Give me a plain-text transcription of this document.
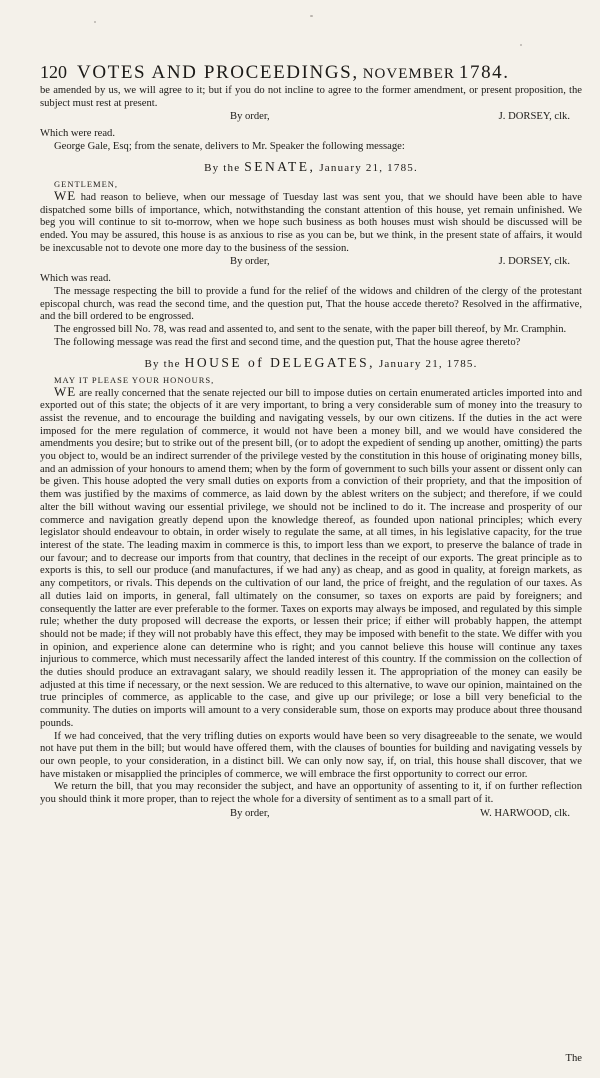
120 VOTES AND PROCEEDINGS, NOVEMBER 1784.

be amended by us, we will agree to it; but if you do not incline to agree to the former amendment, or present proposition, the subject must rest at present.

By order,	J. DORSEY, clk.

Which were read.

George Gale, Esq; from the senate, delivers to Mr. Speaker the following message:

By the SENATE, January 21, 1785.
GENTLEMEN,

WE had reason to believe, when our message of Tuesday last was sent you, that we should have been able to have dispatched some bills of importance, which, notwithstanding the constant attention of this house, yet remain unfinished. We beg you will continue to sit to-morrow, when we hope such business as both houses must wish should be discussed will be ended. You may be assured, this house is as anxious to rise as you can be, but we think, in the present state of affairs, it would be inexcusable not to devote one more day to the business of the session.

By order,	J. DORSEY, clk.

Which was read.

The message respecting the bill to provide a fund for the relief of the widows and children of the clergy of the protestant episcopal church, was read the second time, and the question put, That the house accede thereto? Resolved in the affirmative, and the bill ordered to be engrossed.

The engrossed bill No. 78, was read and assented to, and sent to the senate, with the paper bill thereof, by Mr. Cramphin.

The following message was read the first and second time, and the question put, That the house agree thereto?

By the HOUSE of DELEGATES, January 21, 1785.
MAY IT PLEASE YOUR HONOURS,

WE are really concerned that the senate rejected our bill to impose duties on certain enumerated articles imported into and exported out of this state; the objects of it are very important, to bring a very considerable sum of money into the treasury to assist the revenue, and to encourage the building and navigating vessels, by our own citizens. If the duties in the act were imposed for the mere regulation of commerce, it would not have been a money bill, and we would have considered the amendments you desire; but to strike out of the present bill, (or to adopt the expedient of sending up another, omitting) the parts you object to, would be an indirect surrender of the privilege vested by the constitution in this house of originating money bills, and an admission of your honours to amend them; when by the form of government to such bills your assent or dissent only can be given. This house adopted the very small duties on exports from a conviction of their propriety, and that the imposition of them was justified by the maxims of commerce, as laid down by the ablest writers on the subject; and therefore, if we could alter the bill without waving our essential privilege, we should not be inclined to do it. The increase and prosperity of our commerce and navigation greatly depend upon the knowledge thereof, as founded upon national principles; which every legislator should endeavour to obtain, in order wisely to regulate the same, at all times, in his legislative capacity, for the true interest of the state. The leading maxim in commerce is this, to import less than we export, to preserve the balance of trade in our favour; and to decrease our imports from that country, that declines in the receipt of our exports. The great principle as to exports is this, to sell our produce (and manufactures, if we had any) as cheap, and as good in quality, at foreign markets, as any competitors, or rivals. This depends on the cultivation of our land, the price of freight, and the regulation of our taxes. As all duties laid on imports, in general, fall ultimately on the consumer, so taxes on exports are paid by foreigners; and consequently the latter are ever preferable to the former. Taxes on exports may always be imposed, and regulated by this simple rule; whether the duty proposed will decrease the exports, or lessen their price; if either will probably happen, the attempt should not be made; if they will not probably have this effect, they may be imposed with benefit to the state. We differ with you in opinion, and experience alone can determine who is right; and you cannot believe this house will continue any taxes injurious to commerce, which must necessarily affect the landed interest of this country. If the commission on the collection of the duties should produce an extravagant salary, we should readily lessen it. The appropriation of the money can easily be adjusted at this time if necessary, or the next session. We are reduced to this alternative, to wave our opinion, maintained on the true principles of commerce, as applicable to the case, and give up our privilege; or lose a bill very beneficial to the community. The duties on imports will amount to a very considerable sum, those on exports may produce about three thousand pounds.

If we had conceived, that the very trifling duties on exports would have been so very disagreeable to the senate, we would not have put them in the bill; but would have offered them, with the clauses of bounties for building and navigating vessels by our own people, to your consideration, in a distinct bill. We can only now say, if, on trial, this house shall discover, that we have mistaken or misapplied the principles of commerce, we will embrace the first opportunity to correct our error.

We return the bill, that you may reconsider the subject, and have an opportunity of assenting to it, if on further reflection you should think it more proper, than to reject the whole for a diversity of sentiment as to a small part of it.

By order,	W. HARWOOD, clk.
The
